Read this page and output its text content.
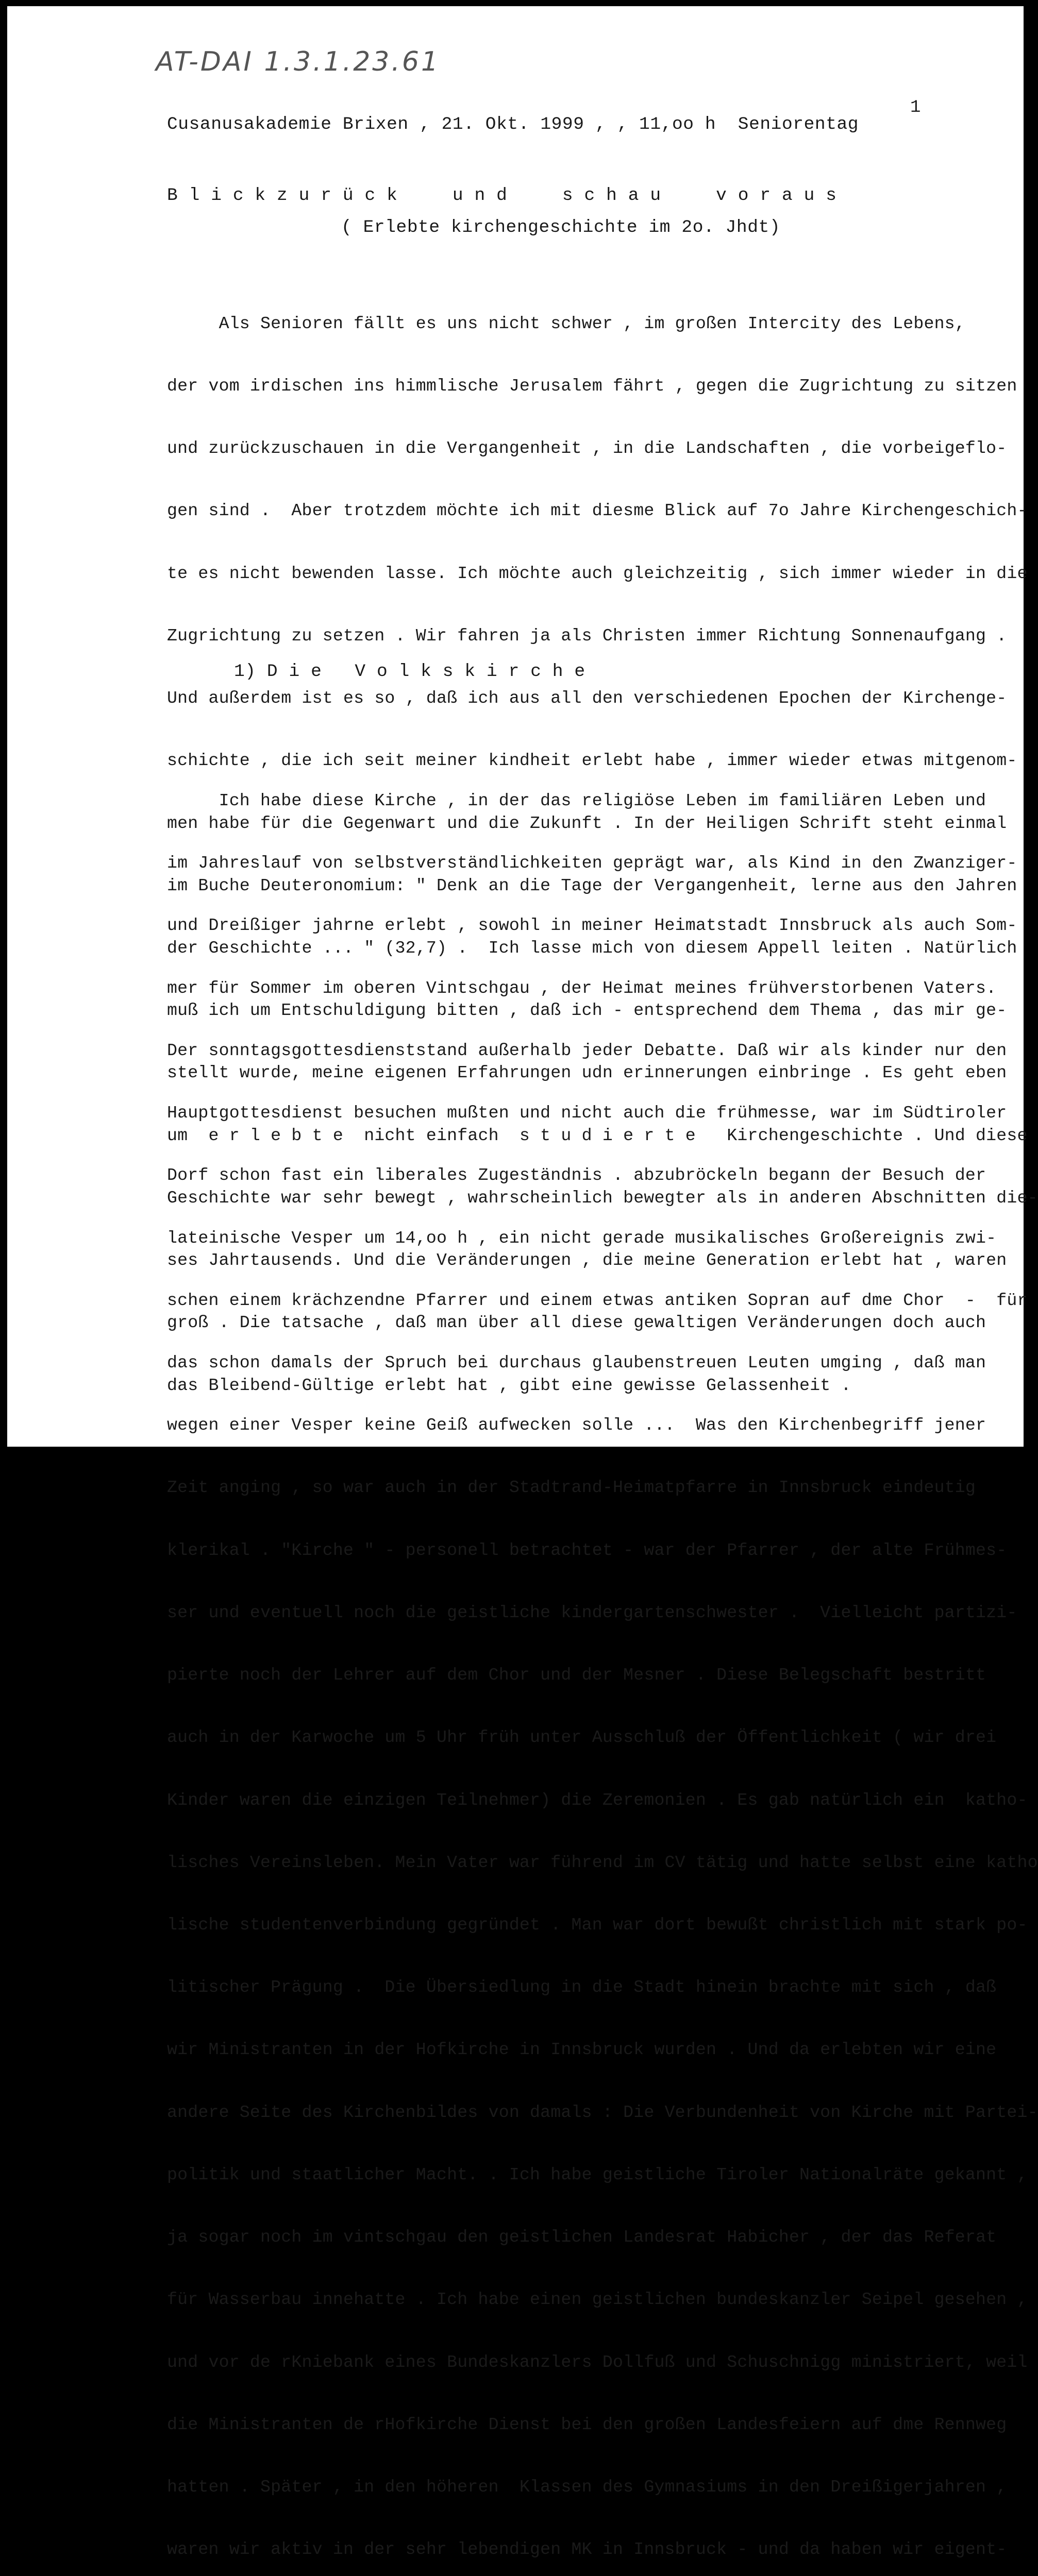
AT-DAI 1.3.1.23.61
1
Cusanusakademie Brixen , 21. Okt. 1999 , , 11,oo h  Seniorentag
B l i c k z u r ü c k     u n d     s c h a u     v o r a u s
( Erlebte kirchengeschichte im 2o. Jhdt)

Als Senioren fällt es uns nicht schwer , im großen Intercity des Lebens,

der vom irdischen ins himmlische Jerusalem fährt , gegen die Zugrichtung zu sitzen

und zurückzuschauen in die Vergangenheit , in die Landschaften , die vorbeigeflo-

gen sind .  Aber trotzdem möchte ich mit diesme Blick auf 7o Jahre Kirchengeschich-

te es nicht bewenden lasse. Ich möchte auch gleichzeitig , sich immer wieder in die

Zugrichtung zu setzen . Wir fahren ja als Christen immer Richtung Sonnenaufgang .

Und außerdem ist es so , daß ich aus all den verschiedenen Epochen der Kirchenge-

schichte , die ich seit meiner kindheit erlebt habe , immer wieder etwas mitgenom-

men habe für die Gegenwart und die Zukunft . In der Heiligen Schrift steht einmal

im Buche Deuteronomium: " Denk an die Tage der Vergangenheit, lerne aus den Jahren

der Geschichte ... " (32,7) .  Ich lasse mich von diesem Appell leiten . Natürlich

muß ich um Entschuldigung bitten , daß ich - entsprechend dem Thema , das mir ge-

stellt wurde, meine eigenen Erfahrungen udn erinnerungen einbringe . Es geht eben

um  e r l e b t e  nicht einfach  s t u d i e r t e   Kirchengeschichte . Und diese

Geschichte war sehr bewegt , wahrscheinlich bewegter als in anderen Abschnitten die-

ses Jahrtausends. Und die Veränderungen , die meine Generation erlebt hat , waren

groß . Die tatsache , daß man über all diese gewaltigen Veränderungen doch auch

das Bleibend-Gültige erlebt hat , gibt eine gewisse Gelassenheit .

1) D i e   V o l k s k i r c h e

Ich habe diese Kirche , in der das religiöse Leben im familiären Leben und

im Jahreslauf von selbstverständlichkeiten geprägt war, als Kind in den Zwanziger-

und Dreißiger jahrne erlebt , sowohl in meiner Heimatstadt Innsbruck als auch Som-

mer für Sommer im oberen Vintschgau , der Heimat meines frühverstorbenen Vaters.

Der sonntagsgottesdienststand außerhalb jeder Debatte. Daß wir als kinder nur den

Hauptgottesdienst besuchen mußten und nicht auch die frühmesse, war im Südtiroler

Dorf schon fast ein liberales Zugeständnis . abzubröckeln begann der Besuch der

lateinische Vesper um 14,oo h , ein nicht gerade musikalisches Großereignis zwi-

schen einem krächzendne Pfarrer und einem etwas antiken Sopran auf dme Chor  -  für

das schon damals der Spruch bei durchaus glaubenstreuen Leuten umging , daß man

wegen einer Vesper keine Geiß aufwecken solle ...  Was den Kirchenbegriff jener

Zeit anging , so war auch in der Stadtrand-Heimatpfarre in Innsbruck eindeutig

klerikal . "Kirche " - personell betrachtet - war der Pfarrer , der alte Frühmes-

ser und eventuell noch die geistliche kindergartenschwester .  Vielleicht partizi-

pierte noch der Lehrer auf dem Chor und der Mesner . Diese Belegschaft bestritt

auch in der Karwoche um 5 Uhr früh unter Ausschluß der Öffentlichkeit ( wir drei

Kinder waren die einzigen Teilnehmer) die Zeremonien . Es gab natürlich ein  katho-

lisches Vereinsleben. Mein Vater war führend im CV tätig und hatte selbst eine katho

lische studentenverbindung gegründet . Man war dort bewußt christlich mit stark po-

litischer Prägung .  Die Übersiedlung in die Stadt hinein brachte mit sich , daß

wir Ministranten in der Hofkirche in Innsbruck wurden . Und da erlebten wir eine

andere Seite des Kirchenbildes von damals : Die Verbundenheit von Kirche mit Partei-

politik und staatlicher Macht. . Ich habe geistliche Tiroler Nationalräte gekannt ,

ja sogar noch im vintschgau den geistlichen Landesrat Habicher , der das Referat

für Wasserbau innehatte . Ich habe einen geistlichen bundeskanzler Seipel gesehen ,

und vor de rKniebank eines Bundeskanzlers Dollfuß und Schuschnigg ministriert, weil

die Ministranten de rHofkirche Dienst bei den großen Landesfeiern auf dme Rennweg

hatten . Später , in den höheren  Klassen des Gymnasiums in den Dreißigerjahren ,

waren wir aktiv in der sehr lebendigen MK in Innsbruck - und da haben wir eigent-
